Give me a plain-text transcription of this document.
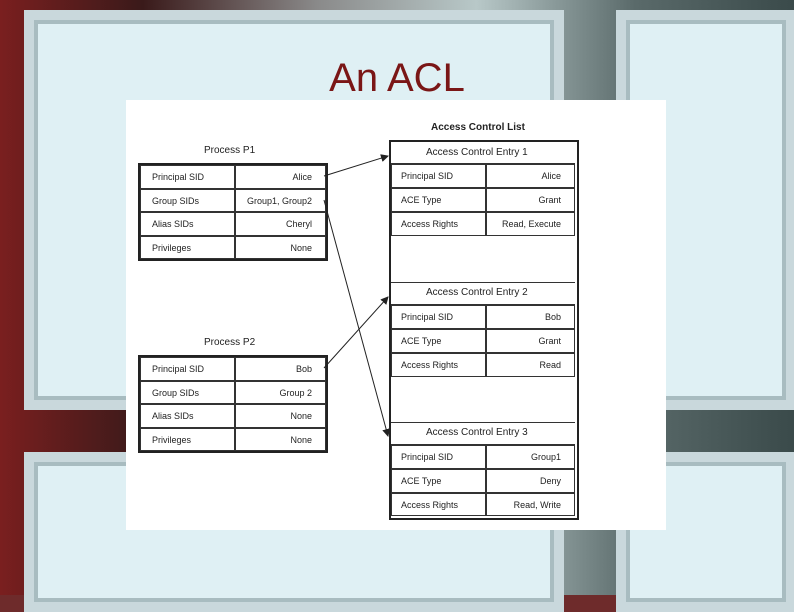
An ACL
Access Control List
Process P1
Principal SID	Alice
Group SIDs	Group1, Group2
Alias SIDs	Cheryl
Privileges	None
Process P2
Principal SID	Bob
Group SIDs	Group 2
Alias SIDs	None
Privileges	None
Access Control Entry 1
Principal SID	Alice
ACE Type	Grant
Access Rights	Read, Execute
Access Control Entry 2
Principal SID	Bob
ACE Type	Grant
Access Rights	Read
Access Control Entry 3
Principal SID	Group1
ACE Type	Deny
Access Rights	Read, Write
